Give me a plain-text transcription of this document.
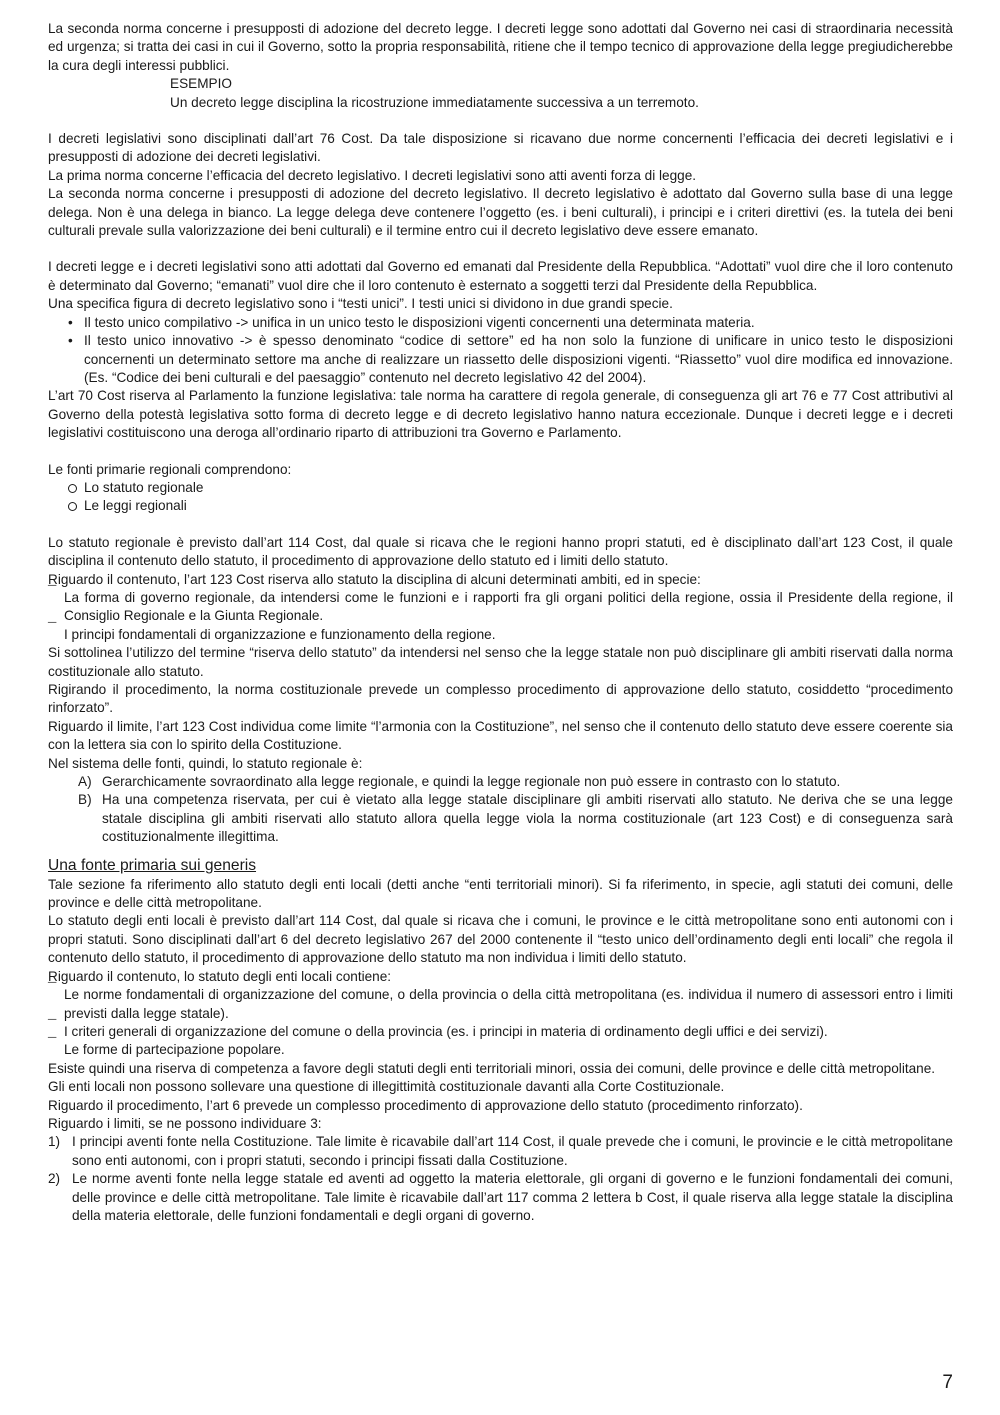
La seconda norma concerne i presupposti di adozione del decreto legge. I decreti legge sono adottati dal Governo nei casi di straordinaria necessità ed urgenza; si tratta dei casi in cui il Governo, sotto la propria responsabilità, ritiene che il tempo tecnico di approvazione della legge pregiudicherebbe la cura degli interessi pubblici.

ESEMPIO

Un decreto legge disciplina la ricostruzione immediatamente successiva a un terremoto.

I decreti legislativi sono disciplinati dall’art 76 Cost. Da tale disposizione si ricavano due norme concernenti l’efficacia dei decreti legislativi e i presupposti di adozione dei decreti legislativi.

La prima norma concerne l’efficacia del decreto legislativo. I decreti legislativi sono atti aventi forza di legge.

La seconda norma concerne i presupposti di adozione del decreto legislativo. Il decreto legislativo è adottato dal Governo sulla base di una legge delega. Non è una delega in bianco. La legge delega deve contenere l’oggetto (es. i beni culturali), i principi e i criteri direttivi (es. la tutela dei beni culturali prevale sulla valorizzazione dei beni culturali) e il termine entro cui il decreto legislativo deve essere emanato.

I decreti legge e i decreti legislativi sono atti adottati dal Governo ed emanati dal Presidente della Repubblica. “Adottati” vuol dire che il loro contenuto è determinato dal Governo; “emanati” vuol dire che il loro contenuto è esternato a soggetti terzi dal Presidente della Repubblica.

Una specifica figura di decreto legislativo sono i “testi unici”. I testi unici si dividono in due grandi specie.

• Il testo unico compilativo -> unifica in un unico testo le disposizioni vigenti concernenti una determinata materia.
• Il testo unico innovativo -> è spesso denominato “codice di settore” ed ha non solo la funzione di unificare in unico testo le disposizioni concernenti un determinato settore ma anche di realizzare un riassetto delle disposizioni vigenti. “Riassetto” vuol dire modifica ed innovazione. (Es. “Codice dei beni culturali e del paesaggio” contenuto nel decreto legislativo 42 del 2004).

L’art 70 Cost riserva al Parlamento la funzione legislativa: tale norma ha carattere di regola generale, di conseguenza gli art 76 e 77 Cost attributivi al Governo della potestà legislativa sotto forma di decreto legge e di decreto legislativo hanno natura eccezionale. Dunque i decreti legge e i decreti legislativi costituiscono una deroga all’ordinario riparto di attribuzioni tra Governo e Parlamento.

Le fonti primarie regionali comprendono:

Lo statuto regionale
Le leggi regionali

Lo statuto regionale è previsto dall’art 114 Cost, dal quale si ricava che le regioni hanno propri statuti, ed è disciplinato dall’art 123 Cost, il quale disciplina il contenuto dello statuto, il procedimento di approvazione dello statuto ed i limiti dello statuto.

Riguardo il contenuto, l’art 123 Cost riserva allo statuto la disciplina di alcuni determinati ambiti, ed in specie:

¯ La forma di governo regionale, da intendersi come le funzioni e i rapporti fra gli organi politici della regione, ossia il Presidente della regione, il Consiglio Regionale e la Giunta Regionale.
¯ I principi fondamentali di organizzazione e funzionamento della regione.

Si sottolinea l’utilizzo del termine “riserva dello statuto” da intendersi nel senso che la legge statale non può disciplinare gli ambiti riservati dalla norma costituzionale allo statuto.

Rigirando il procedimento, la norma costituzionale prevede un complesso procedimento di approvazione dello statuto, cosiddetto “procedimento rinforzato”.

Riguardo il limite, l’art 123 Cost individua come limite “l’armonia con la Costituzione”, nel senso che il contenuto dello statuto deve essere coerente sia con la lettera sia con lo spirito della Costituzione.

Nel sistema delle fonti, quindi, lo statuto regionale è:

A) Gerarchicamente sovraordinato alla legge regionale, e quindi la legge regionale non può essere in contrasto con lo statuto.
B) Ha una competenza riservata, per cui è vietato alla legge statale disciplinare gli ambiti riservati allo statuto. Ne deriva che se una legge statale disciplina gli ambiti riservati allo statuto allora quella legge viola la norma costituzionale (art 123 Cost) e di conseguenza sarà costituzionalmente illegittima.
Una fonte primaria sui generis

Tale sezione fa riferimento allo statuto degli enti locali (detti anche “enti territoriali minori). Si fa riferimento, in specie, agli statuti dei comuni, delle province e delle città metropolitane.

Lo statuto degli enti locali è previsto dall’art 114 Cost, dal quale si ricava che i comuni, le province e le città metropolitane sono enti autonomi con i propri statuti. Sono disciplinati dall’art 6 del decreto legislativo 267 del 2000 contenente il “testo unico dell’ordinamento degli enti locali” che regola il contenuto dello statuto, il procedimento di approvazione dello statuto ma non individua i limiti dello statuto.

Riguardo il contenuto, lo statuto degli enti locali contiene:

¯ Le norme fondamentali di organizzazione del comune, o della provincia o della città metropolitana (es. individua il numero di assessori entro i limiti previsti dalla legge statale).
¯ I criteri generali di organizzazione del comune o della provincia (es. i principi in materia di ordinamento degli uffici e dei servizi).
¯ Le forme di partecipazione popolare.

Esiste quindi una riserva di competenza a favore degli statuti degli enti territoriali minori, ossia dei comuni, delle province e delle città metropolitane.

Gli enti locali non possono sollevare una questione di illegittimità costituzionale davanti alla Corte Costituzionale.

Riguardo il procedimento, l’art 6 prevede un complesso procedimento di approvazione dello statuto (procedimento rinforzato).

Riguardo i limiti, se ne possono individuare 3:

1) I principi aventi fonte nella Costituzione. Tale limite è ricavabile dall’art 114 Cost, il quale prevede che i comuni, le provincie e le città metropolitane sono enti autonomi, con i propri statuti, secondo i principi fissati dalla Costituzione.
2) Le norme aventi fonte nella legge statale ed aventi ad oggetto la materia elettorale, gli organi di governo e le funzioni fondamentali dei comuni, delle province e delle città metropolitane. Tale limite è ricavabile dall’art 117 comma 2 lettera b Cost, il quale riserva alla legge statale la disciplina della materia elettorale, delle funzioni fondamentali e degli organi di governo.
7
